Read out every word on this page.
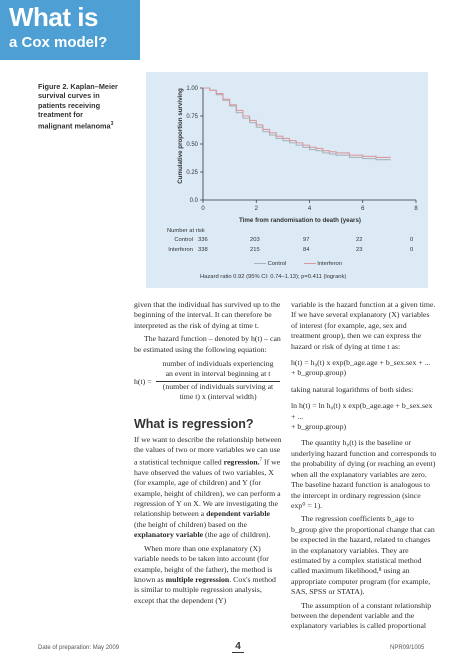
What is
a Cox model?
Figure 2. Kaplan–Meier
survival curves in
patients receiving
treatment for
malignant melanoma$^3$
0	2	4	6	8
0.0
0.25
0.50
0.75
1.00
Cumulative proportion surviving
Time from randomisation to death (years)
Number at risk
Control 336	203	97	22	0
Interferon 338	215	84	23	0
Control	Interferon
Hazard ratio 0.92 (95% CI: 0.74–1.13); p=0.411 (logrank)

given that the individual has survived up to the beginning of the interval. It can therefore be interpreted as the risk of dying at time t.

The hazard function – denoted by h(t) – can be estimated using the following equation:

h(t) =
number of individuals experiencing
an event in interval beginning at t
(number of individuals surviving at
time t) x (interval width)
What is regression?

If we want to describe the relationship between the values of two or more variables we can use a statistical technique called regression.$^7$ If we have observed the values of two variables, X (for example, age of children) and Y (for example, height of children), we can perform a regression of Y on X. We are investigating the relationship between a dependent variable (the height of children) based on the explanatory variable (the age of children).

When more than one explanatory (X) variable needs to be taken into account (for example, height of the father), the method is known as multiple regression. Cox's method is similar to multiple regression analysis, except that the dependent (Y)

variable is the hazard function at a given time. If we have several explanatory (X) variables of interest (for example, age, sex and treatment group), then we can express the hazard or risk of dying at time t as:

h(t) = h₀(t) x exp(b_age.age + b_sex.sex + ...
+ b_group.group)

taking natural logarithms of both sides:

ln h(t) = ln h₀(t) x exp(b_age.age + b_sex.sex + ...
+ b_group.group)

The quantity h₀(t) is the baseline or underlying hazard function and corresponds to the probability of dying (or reaching an event) when all the explanatory variables are zero. The baseline hazard function is analogous to the intercept in ordinary regression (since exp⁰ = 1).

The regression coefficients b_age to b_group give the proportional change that can be expected in the hazard, related to changes in the explanatory variables. They are estimated by a complex statistical method called maximum likelihood,⁸ using an appropriate computer program (for example, SAS, SPSS or STATA).

The assumption of a constant relationship between the dependent variable and the explanatory variables is called proportional

Date of preparation: May 2009	4	NPR09/1005
